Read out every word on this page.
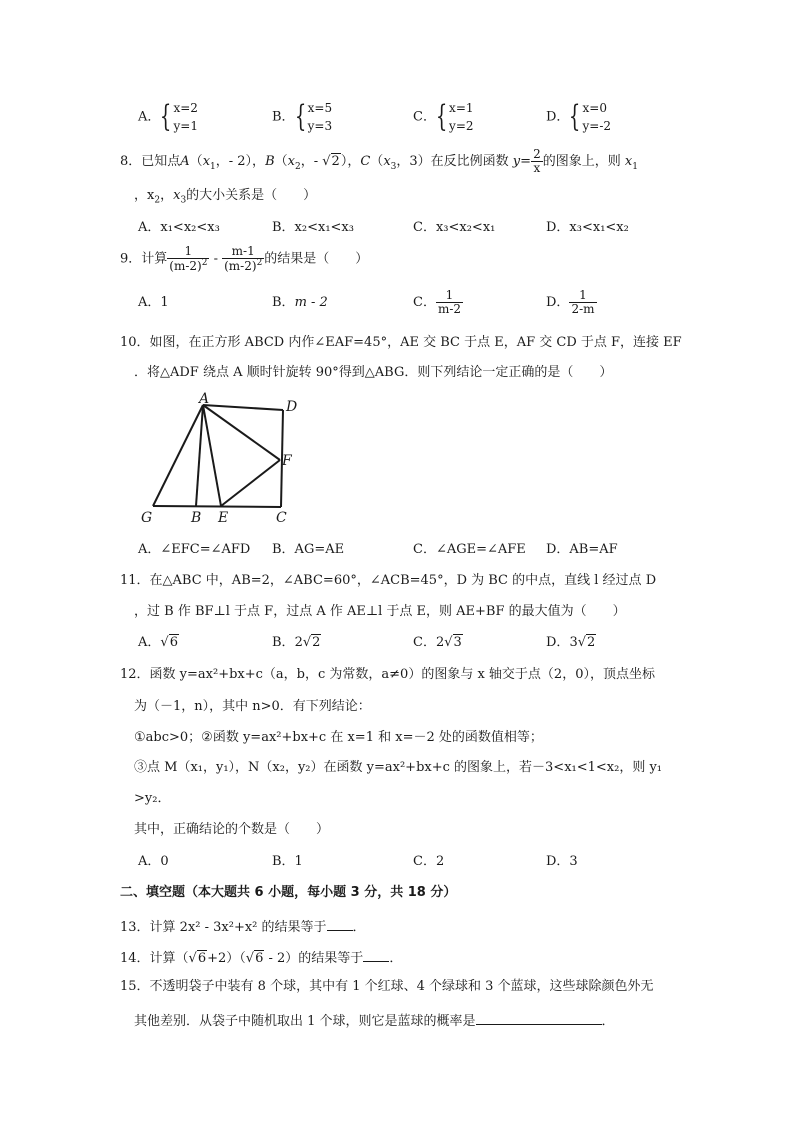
A．{ x=2
y=1
B．{ x=5
y=3
C．{ x=1
y=2
D．{ x=0
y=-2
8．已知点$A(x_1$，- 2），$B(x_2$，- √2），$C(x_3$，3）在反比例函数 $y= \frac{2}{x}$ 的图象上，则 $x_1$
，$x_2$，$x_3$的大小关系是（　　）
A．x₁<x₂<x₃	B．x₂<x₁<x₃	C．x₃<x₂<x₁	D．x₃<x₁<x₂
9．计算 $\frac{1}{(m-2)^2} - \frac{m-1}{(m-2)^2}$ 的结果是（　　）
A．1	B．m - 2	C． $\frac{1}{m-2}$	D． $\frac{1}{2-m}$
10．如图，在正方形 ABCD 内作∠EAF=45°，AE 交 BC 于点 E，AF 交 CD 于点 F，连接 EF
．将△ADF 绕点 A 顺时针旋转 90°得到△ABG．则下列结论一定正确的是（　　）
A	D
F
G	B E	C
A．∠EFC=∠AFD B．AG=AE	C．∠AGE=∠AFE D．AB=AF
11．在△ABC 中，AB=2，∠ABC=60°，∠ACB=45°，D 为 BC 的中点，直线 l 经过点 D
，过 B 作 BF⊥l 于点 F，过点 A 作 AE⊥l 于点 E，则 AE+BF 的最大值为（　　）
A．√6	B．2√2	C．2√3	D．3√2
12．函数 y=ax²+bx+c（a，b，c 为常数，a≠0）的图象与 x 轴交于点（2，0），顶点坐标
为（－1，n），其中 n>0．有下列结论：
①abc>0；②函数 y=ax²+bx+c 在 x=1 和 x=－2 处的函数值相等；
③点 M（x₁，y₁），N（x₂，y₂）在函数 y=ax²+bx+c 的图象上，若－3<x₁<1<x₂，则 y₁
>y₂．
其中，正确结论的个数是（　　）
A．0	B．1	C．2	D．3
二、填空题（本大题共 6 小题，每小题 3 分，共 18 分）
13．计算 2x² - 3x²+x² 的结果等于 ．
14．计算（√6+2）（√6 - 2）的结果等于 ．
15．不透明袋子中装有 8 个球，其中有 1 个红球、4 个绿球和 3 个蓝球，这些球除颜色外无
其他差别．从袋子中随机取出 1 个球，则它是蓝球的概率是	．
